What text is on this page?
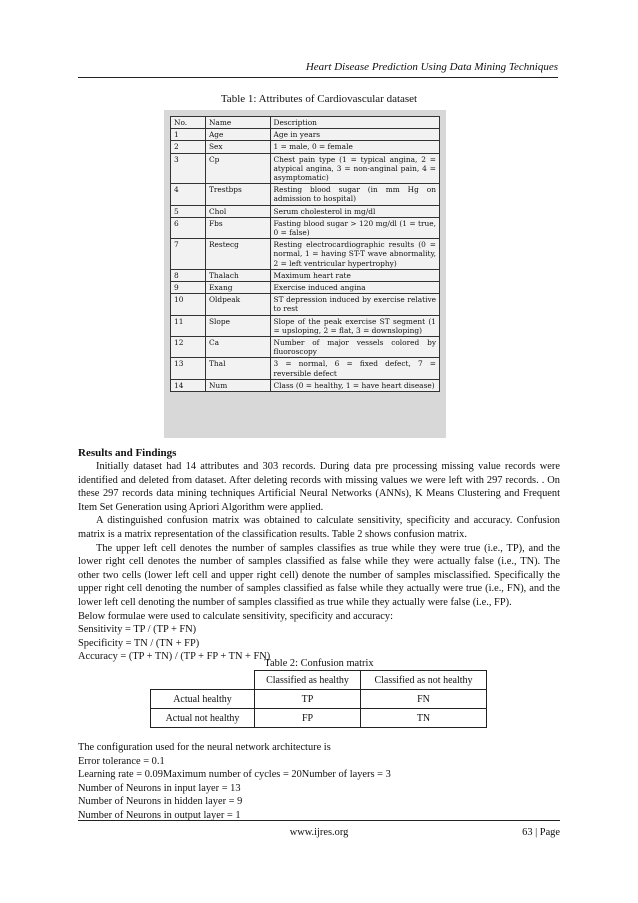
Heart Disease Prediction Using Data Mining Techniques
Table 1: Attributes of Cardiovascular dataset
No.	Name	Description
1	Age	Age in years
2	Sex	1 = male, 0 = female
3	Cp	Chest pain type (1 = typical angina, 2 = atypical angina, 3 = non-anginal pain, 4 = asymptomatic)
4	Trestbps	Resting blood sugar (in mm Hg on admission to hospital)
5	Chol	Serum cholesterol in mg/dl
6	Fbs	Fasting blood sugar > 120 mg/dl (1 = true, 0 = false)
7	Restecg	Resting electrocardiographic results (0 = normal, 1 = having ST-T wave abnormality, 2 = left ventricular hypertrophy)
8	Thalach	Maximum heart rate
9	Exang	Exercise induced angina
10	Oldpeak	ST depression induced by exercise relative to rest
11	Slope	Slope of the peak exercise ST segment (1 = upsloping, 2 = flat, 3 = downsloping)
12	Ca	Number of major vessels colored by fluoroscopy
13	Thal	3 = normal, 6 = fixed defect, 7 = reversible defect
14	Num	Class (0 = healthy, 1 = have heart disease)
Results and Findings

Initially dataset had 14 attributes and 303 records. During data pre processing missing value records were identified and deleted from dataset. After deleting records with missing values we were left with 297 records. . On these 297 records data mining techniques Artificial Neural Networks (ANNs), K Means Clustering and Frequent Item Set Generation using Apriori Algorithm were applied.

A distinguished confusion matrix was obtained to calculate sensitivity, specificity and accuracy. Confusion matrix is a matrix representation of the classification results. Table 2 shows confusion matrix.

The upper left cell denotes the number of samples classifies as true while they were true (i.e., TP), and the lower right cell denotes the number of samples classified as false while they were actually false (i.e., TN). The other two cells (lower left cell and upper right cell) denote the number of samples misclassified. Specifically the upper right cell denoting the number of samples classified as false while they actually were true (i.e., FN), and the lower left cell denoting the number of samples classified as true while they actually were false (i.e., FP).

Below formulae were used to calculate sensitivity, specificity and accuracy:

Sensitivity = TP / (TP + FN)

Specificity = TN / (TN + FP)

Accuracy = (TP + TN) / (TP + FP + TN + FN)

Table 2: Confusion matrix
	Classified as healthy	Classified as not healthy
Actual healthy	TP	FN
Actual not healthy	FP	TN

The configuration used for the neural network architecture is

Error tolerance = 0.1

Learning rate = 0.09Maximum number of cycles = 20Number of layers = 3

Number of Neurons in input layer = 13

Number of Neurons in hidden layer = 9

Number of Neurons in output layer = 1

www.ijres.org	63 | Page
